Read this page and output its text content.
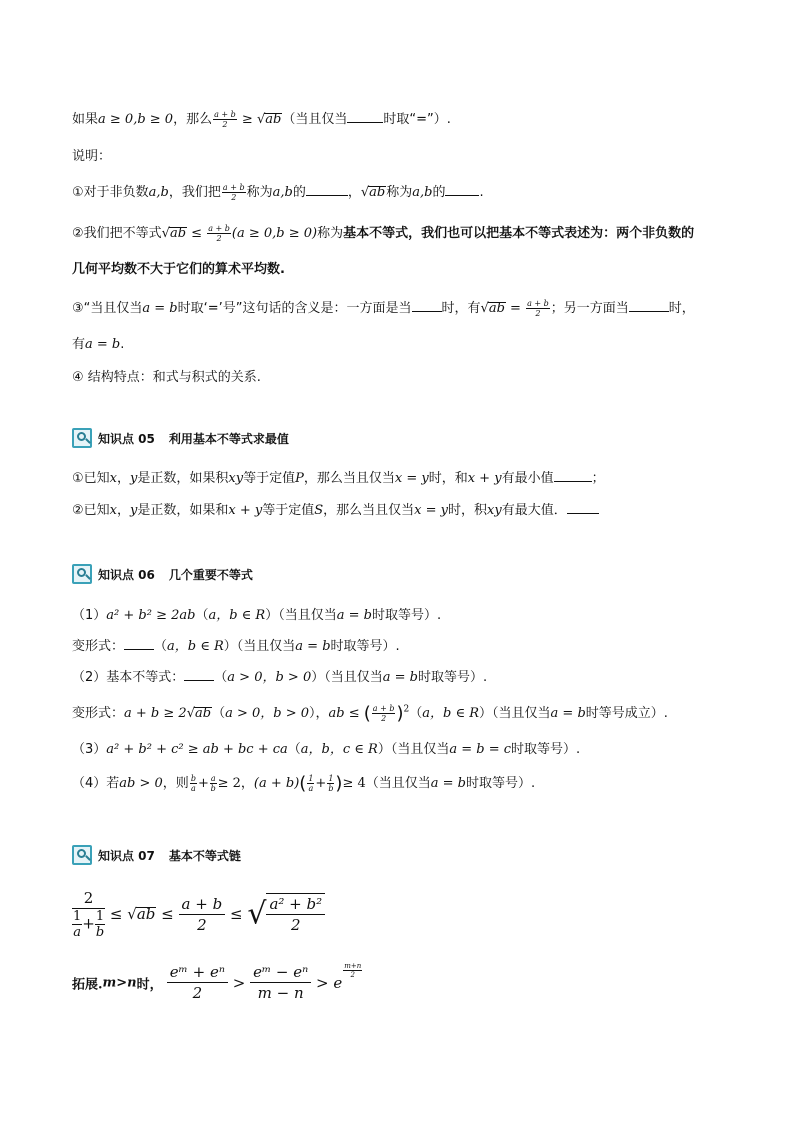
如果a ≥ 0,b ≥ 0，那么 $\frac{a + b}{2} \ge √ab$（当且仅当	时取“=”）.
说明：
①对于非负数a,b，我们把 $\frac{a + b}{2}$ 称为a,b的	，√ab称为a,b的	.
②我们把不等式$√ab \le \frac{a + b}{2} (a \ge 0,b \ge 0)$称为基本不等式，我们也可以把基本不等式表述为：两个非负数的
几何平均数不大于它们的算术平均数.
③“当且仅当a = b时取‘=’号”这句话的含义是：一方面是当 时，有$√ab = \frac{a + b}{2}$ ；另一方面当	时，
有a = b.
④ 结构特点：和式与积式的关系.
知识点 05 利用基本不等式求最值
①已知x，y是正数，如果积xy等于定值P，那么当且仅当x = y时，和x + y有最小值	；
②已知x，y是正数，如果和x + y等于定值S，那么当且仅当x = y时，积xy有最大值．
知识点 06 几个重要不等式
（1）a² + b² ≥ 2ab（a，b ∈ R）（当且仅当a = b时取等号）.
变形式： （a，b ∈ R）（当且仅当a = b时取等号）.
（2）基本不等式： （a > 0，b > 0）（当且仅当a = b时取等号）.
变形式：a + b ≥ 2√ab（a > 0，b > 0），ab ≤ ( $\frac{a + b}{2} )^2(a$，b ∈ R）（当且仅当a = b时等号成立）.
（3）a² + b² + c² ≥ ab + bc + ca（a，b，c ∈ R）（当且仅当a = b = c时取等号）.
（4）若ab > 0，则 $\frac{b}{a} + \frac{a}{b} \ge 2$，$(a + b)( \frac{1}{a} + \frac{1}{b}$ )≥ 4（当且仅当a = b时取等号）.
知识点 07 基本不等式链
$\frac{2}{\frac{1}{a} + \frac{1}{b}} \le √ab \le \frac{a + b}{2}$ ≤ √ $\frac{\text{a² + b²}}{2}$
拓展.m>n时， $\frac{\text{eᵐ + eⁿ}}{2} > \frac{\text{eᵐ − eⁿ}}{m - n} > e$
$\frac{m+n}{2}$
